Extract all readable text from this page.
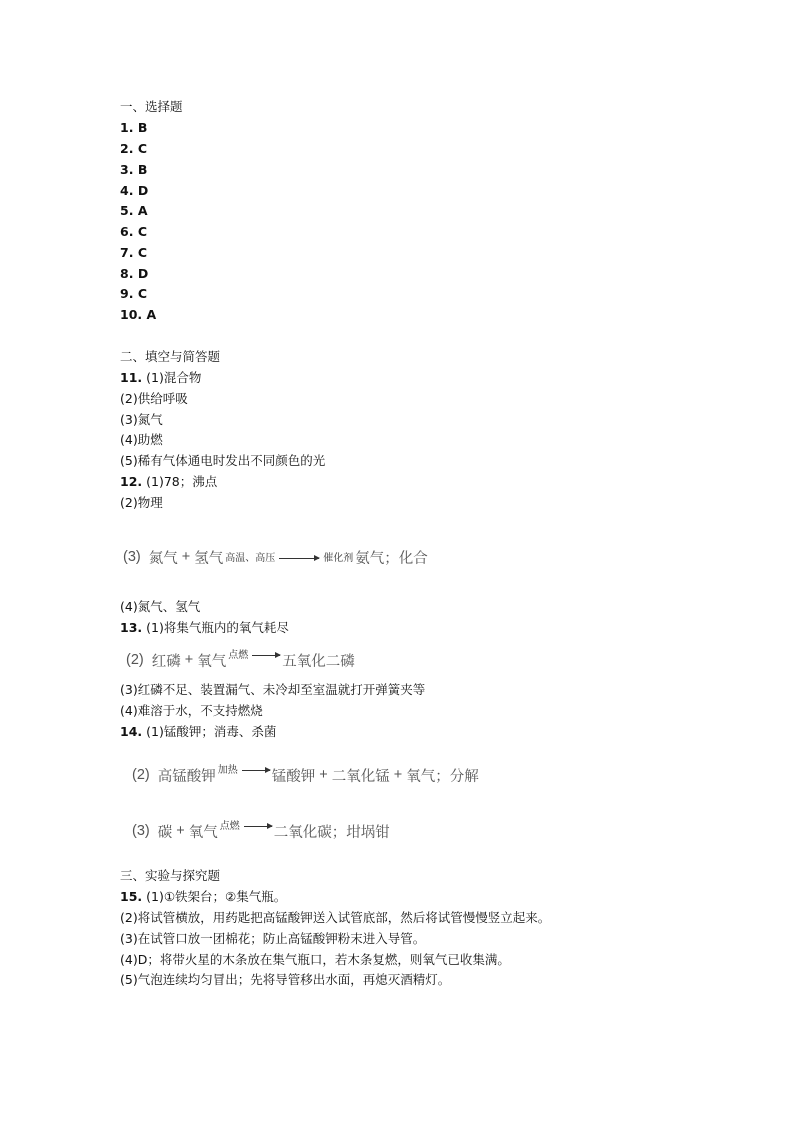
一、选择题
1. B
2. C
3. B
4. D
5. A
6. C
7. C
8. D
9. C
10. A
二、填空与简答题
11. (1)混合物
(2)供给呼吸
(3)氮气
(4)助燃
(5)稀有气体通电时发出不同颜色的光
12. (1)78；沸点
(2)物理
(3) 氮气 + 氢气 高温、高压	催化剂 氨气 ；化合
(4)氮气、氢气
13. (1)将集气瓶内的氧气耗尽
(2) 红磷 + 氧气 点燃	五氧化二磷
(3)红磷不足、装置漏气、未冷却至室温就打开弹簧夹等
(4)难溶于水，不支持燃烧
14. (1)锰酸钾；消毒、杀菌
(2) 高锰酸钾 加热	锰酸钾 + 二氧化锰 + 氧气 ；分解
(3) 碳 + 氧气 点燃	二氧化碳 ；坩埚钳
三、实验与探究题
15. (1)①铁架台；②集气瓶。
(2)将试管横放，用药匙把高锰酸钾送入试管底部，然后将试管慢慢竖立起来。
(3)在试管口放一团棉花；防止高锰酸钾粉末进入导管。
(4)D；将带火星的木条放在集气瓶口，若木条复燃，则氧气已收集满。
(5)气泡连续均匀冒出；先将导管移出水面，再熄灭酒精灯。
